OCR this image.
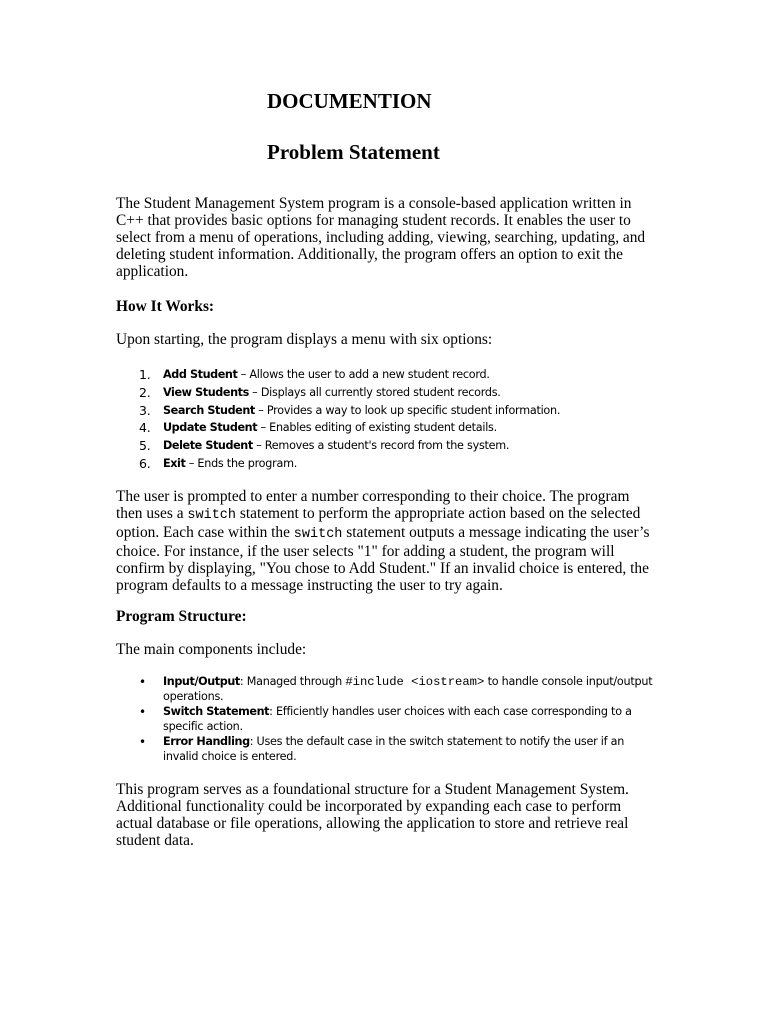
DOCUMENTION
Problem Statement

The Student Management System program is a console-based application written in C++ that provides basic options for managing student records. It enables the user to select from a menu of operations, including adding, viewing, searching, updating, and deleting student information. Additionally, the program offers an option to exit the application.

How It Works:

Upon starting, the program displays a menu with six options:

1. Add Student – Allows the user to add a new student record.
2. View Students – Displays all currently stored student records.
3. Search Student – Provides a way to look up specific student information.
4. Update Student – Enables editing of existing student details.
5. Delete Student – Removes a student's record from the system.
6. Exit – Ends the program.

The user is prompted to enter a number corresponding to their choice. The program then uses a switch statement to perform the appropriate action based on the selected option. Each case within the switch statement outputs a message indicating the user’s choice. For instance, if the user selects "1" for adding a student, the program will confirm by displaying, "You chose to Add Student." If an invalid choice is entered, the program defaults to a message instructing the user to try again.

Program Structure:

The main components include:

• Input/Output: Managed through #include <iostream> to handle console input/output operations.
• Switch Statement: Efficiently handles user choices with each case corresponding to a specific action.
• Error Handling: Uses the default case in the switch statement to notify the user if an invalid choice is entered.

This program serves as a foundational structure for a Student Management System. Additional functionality could be incorporated by expanding each case to perform actual database or file operations, allowing the application to store and retrieve real student data.
